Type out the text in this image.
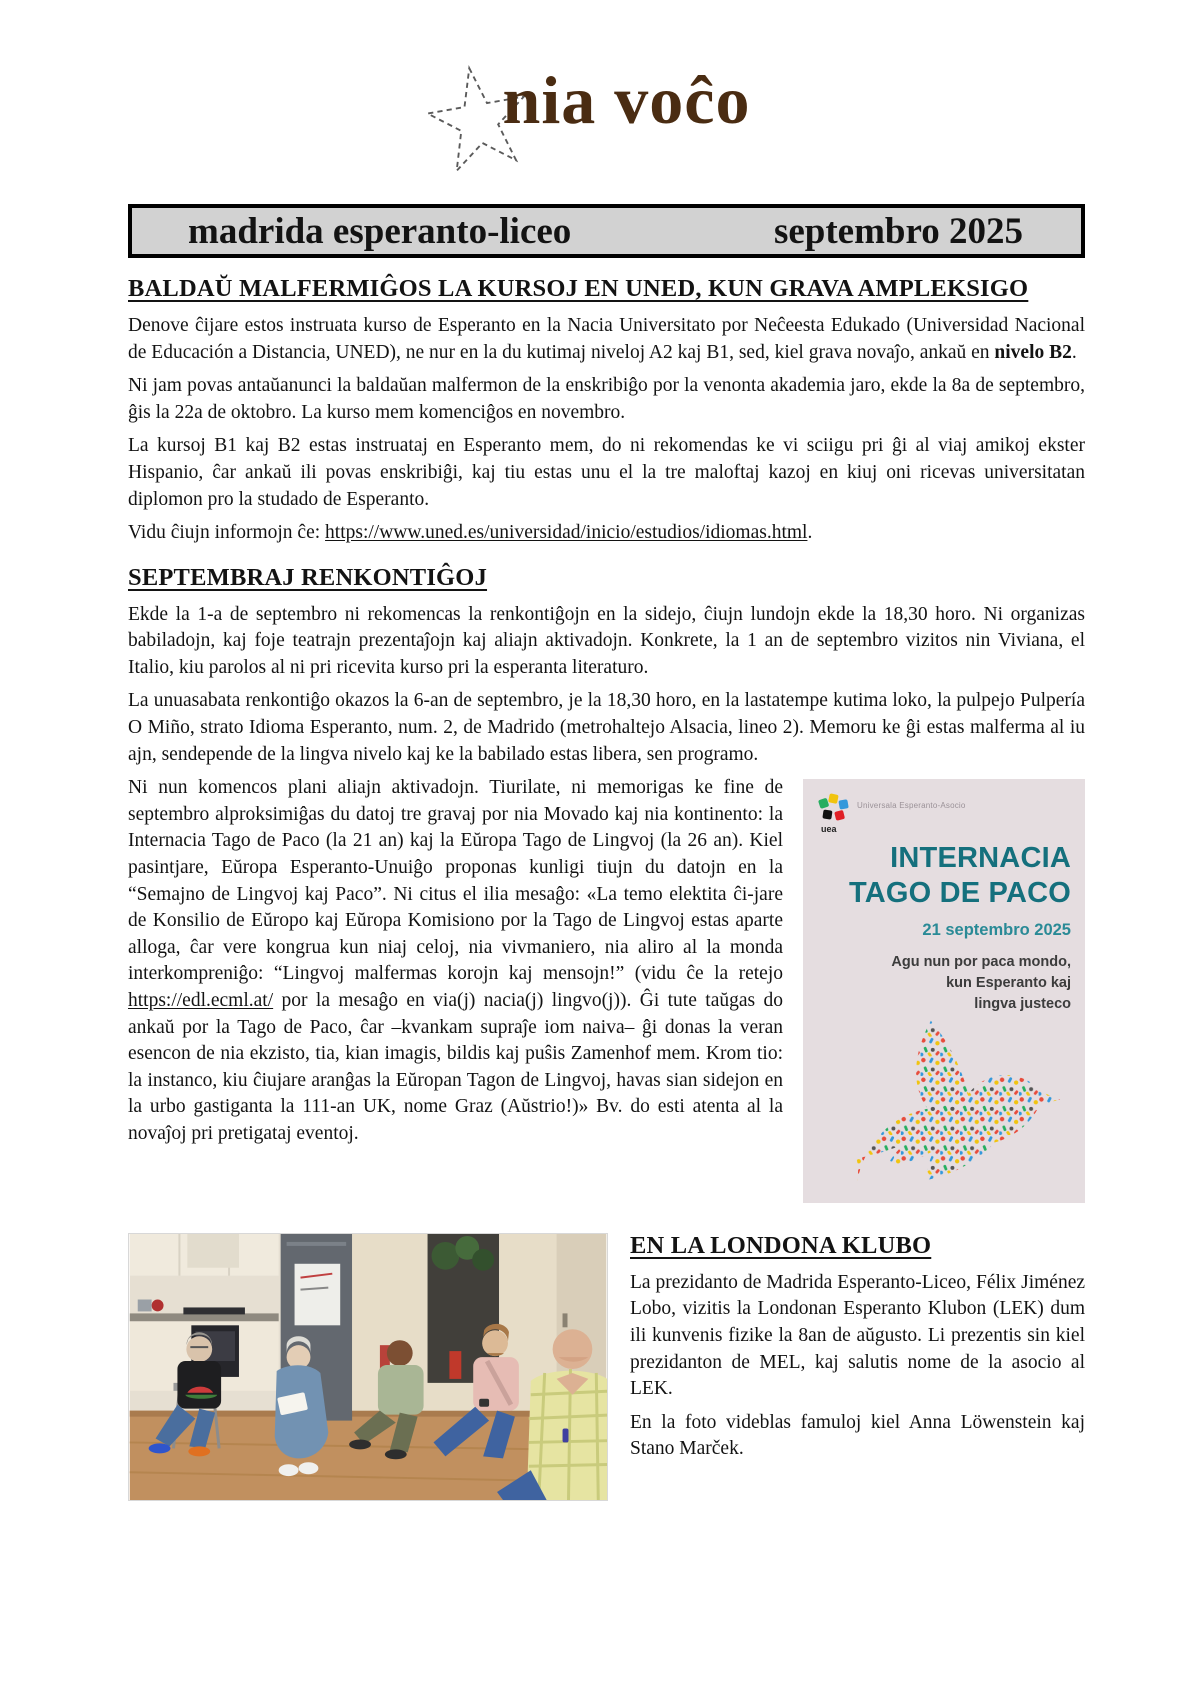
nia voĉo
madrida esperanto-liceo	septembro 2025
BALDAŬ MALFERMIĜOS LA KURSOJ EN UNED, KUN GRAVA AMPLEKSIGO

Denove ĉijare estos instruata kurso de Esperanto en la Nacia Universitato por Neĉeesta Edukado (Universidad Nacional de Educación a Distancia, UNED), ne nur en la du kutimaj niveloj A2 kaj B1, sed, kiel grava novaĵo, ankaŭ en nivelo B2.

Ni jam povas antaŭanunci la baldaŭan malfermon de la enskribiĝo por la venonta akademia jaro, ekde la 8a de septembro, ĝis la 22a de oktobro. La kurso mem komenciĝos en novembro.

La kursoj B1 kaj B2 estas instruataj en Esperanto mem, do ni rekomendas ke vi sciigu pri ĝi al viaj amikoj ekster Hispanio, ĉar ankaŭ ili povas enskribiĝi, kaj tiu estas unu el la tre maloftaj kazoj en kiuj oni ricevas universitatan diplomon pro la studado de Esperanto.

Vidu ĉiujn informojn ĉe: https://www.uned.es/universidad/inicio/estudios/idiomas.html.

SEPTEMBRAJ RENKONTIĜOJ

Ekde la 1-a de septembro ni rekomencas la renkontiĝojn en la sidejo, ĉiujn lundojn ekde la 18,30 horo. Ni organizas babiladojn, kaj foje teatrajn prezentaĵojn kaj aliajn aktivadojn. Konkrete, la 1 an de septembro vizitos nin Viviana, el Italio, kiu parolos al ni pri ricevita kurso pri la esperanta literaturo.

La unuasabata renkontiĝo okazos la 6-an de septembro, je la 18,30 horo, en la lastatempe kutima loko, la pulpejo Pulpería O Miño, strato Idioma Esperanto, num. 2, de Madrido (metrohaltejo Alsacia, lineo 2). Memoru ke ĝi estas malferma al iu ajn, sendepende de la lingva nivelo kaj ke la babilado estas libera, sen programo.

uea
Universala Esperanto-Asocio
INTERNACIA
TAGO DE PACO
21 septembro 2025
Agu nun por paca mondo,
kun Esperanto kaj
lingva justeco

Ni nun komencos plani aliajn aktivadojn. Tiurilate, ni memorigas ke fine de septembro alproksimiĝas du datoj tre gravaj por nia Movado kaj nia kontinento: la Internacia Tago de Paco (la 21 an) kaj la Eŭropa Tago de Lingvoj (la 26 an). Kiel pasintjare, Eŭropa Esperanto-Unuiĝo proponas kunligi tiujn du datojn en la “Semajno de Lingvoj kaj Paco”. Ni citus el ilia mesaĝo: «La temo elektita ĉi-jare de Konsilio de Eŭropo kaj Eŭropa Komisiono por la Tago de Lingvoj estas aparte alloga, ĉar vere kongrua kun niaj celoj, nia vivmaniero, nia aliro al la monda interkompreniĝo: “Lingvoj malfermas korojn kaj mensojn!” (vidu ĉe la retejo https://edl.ecml.at/ por la mesaĝo en via(j) nacia(j) lingvo(j)). Ĝi tute taŭgas do ankaŭ por la Tago de Paco, ĉar –kvankam supraĵe iom naiva– ĝi donas la veran esencon de nia ekzisto, tia, kian imagis, bildis kaj puŝis Zamenhof mem. Krom tio: la instanco, kiu ĉiujare aranĝas la Eŭropan Tagon de Lingvoj, havas sian sidejon en la urbo gastiganta la 111-an UK, nome Graz (Aŭstrio!)» Bv. do esti atenta al la novaĵoj pri pretigataj eventoj.

EN LA LONDONA KLUBO

La prezidanto de Madrida Esperanto-Liceo, Félix Jiménez Lobo, vizitis la Londonan Esperanto Klubon (LEK) dum ili kunvenis fizike la 8an de aŭgusto. Li prezentis sin kiel prezidanton de MEL, kaj salutis nome de la asocio al LEK.

En la foto videblas famuloj kiel Anna Löwenstein kaj Stano Marček.
